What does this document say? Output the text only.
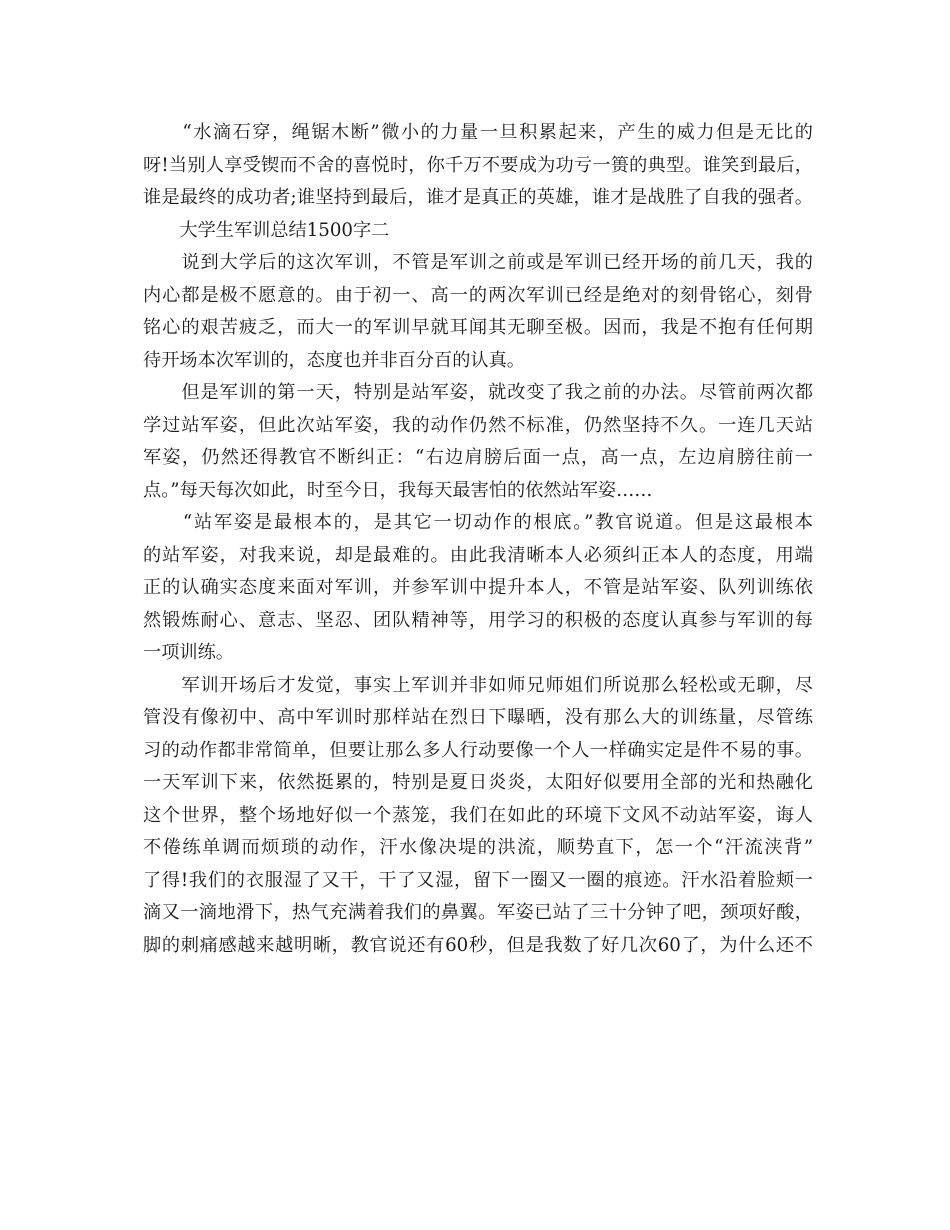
　　“水滴石穿，绳锯木断”微小的力量一旦积累起来，产生的威力但是无比的
呀!当别人享受锲而不舍的喜悦时，你千万不要成为功亏一篑的典型。谁笑到最后，
谁是最终的成功者;谁坚持到最后，谁才是真正的英雄，谁才是战胜了自我的强者。
　　大学生军训总结1500字二
　　说到大学后的这次军训，不管是军训之前或是军训已经开场的前几天，我的
内心都是极不愿意的。由于初一、高一的两次军训已经是绝对的刻骨铭心，刻骨
铭心的艰苦疲乏，而大一的军训早就耳闻其无聊至极。因而，我是不抱有任何期
待开场本次军训的，态度也并非百分百的认真。
　　但是军训的第一天，特别是站军姿，就改变了我之前的办法。尽管前两次都
学过站军姿，但此次站军姿，我的动作仍然不标准，仍然坚持不久。一连几天站
军姿，仍然还得教官不断纠正：“右边肩膀后面一点，高一点，左边肩膀往前一
点。”每天每次如此，时至今日，我每天最害怕的依然站军姿……
　　“站军姿是最根本的，是其它一切动作的根底。”教官说道。但是这最根本
的站军姿，对我来说，却是最难的。由此我清晰本人必须纠正本人的态度，用端
正的认确实态度来面对军训，并参军训中提升本人，不管是站军姿、队列训练依
然锻炼耐心、意志、坚忍、团队精神等，用学习的积极的态度认真参与军训的每
一项训练。
　　军训开场后才发觉，事实上军训并非如师兄师姐们所说那么轻松或无聊，尽
管没有像初中、高中军训时那样站在烈日下曝晒，没有那么大的训练量，尽管练
习的动作都非常简单，但要让那么多人行动要像一个人一样确实定是件不易的事。
一天军训下来，依然挺累的，特别是夏日炎炎，太阳好似要用全部的光和热融化
这个世界，整个场地好似一个蒸笼，我们在如此的环境下文风不动站军姿，诲人
不倦练单调而烦琐的动作，汗水像决堤的洪流，顺势直下，怎一个“汗流浃背”
了得!我们的衣服湿了又干，干了又湿，留下一圈又一圈的痕迹。汗水沿着脸颊一
滴又一滴地滑下，热气充满着我们的鼻翼。军姿已站了三十分钟了吧，颈项好酸，
脚的刺痛感越来越明晰，教官说还有60秒，但是我数了好几次60了，为什么还不
